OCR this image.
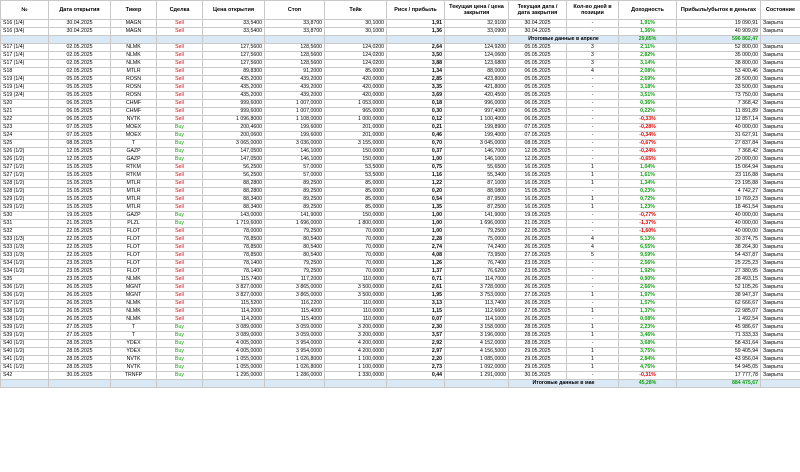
№	Дата открытия	Тикер	Сделка	Цена открытия	Стоп	Тейк	Риск / прибыль	Текущая цена / цена закрытия	Текущая дата / дата закрытия	Кол-во дней в позиции	Доходность	Прибыль/убыток в деньгах	Состояние
S16 (1/4)	30.04.2025	MAGN	Sell	33,5400	33,8700	30,1000	1,91	32,9100	30.04.2025	-	1,91%	19 090,91	Закрыта
S16 (3/4)	30.04.2025	MAGN	Sell	33,5400	33,8700	30,1000	1,36	33,0900	30.04.2025	-	1,36%	40 909,09	Закрыта
									Итоговые данные в апреле		29,85%	596 862,47	
S17 (1/4)	02.05.2025	NLMK	Sell	127,5600	128,5600	124,0200	2,64	124,9200	05.05.2025	3	2,11%	52 800,00	Закрыта
S17 (1/4)	02.05.2025	NLMK	Sell	127,5600	128,5600	124,0200	3,50	124,0600	05.05.2025	3	2,82%	35 000,00	Закрыта
S17 (1/4)	02.05.2025	NLMK	Sell	127,5600	128,5600	124,0200	3,88	123,6800	05.05.2025	3	3,14%	38 800,00	Закрыта
S18	02.05.2025	MTLR	Sell	89,8300	91,2000	85,0000	1,34	88,0000	06.05.2025	4	2,08%	53 400,46	Закрыта
S19 (1/4)	05.05.2025	ROSN	Sell	435,2000	439,2000	420,0000	2,85	423,8000	05.05.2025	-	2,69%	28 500,00	Закрыта
S19 (1/4)	05.05.2025	ROSN	Sell	435,2000	439,2000	420,0000	3,35	421,8000	05.05.2025	-	3,18%	33 500,00	Закрыта
S19 (2/4)	05.05.2025	ROSN	Sell	435,2000	439,2000	420,0000	3,69	420,4500	05.05.2025	-	3,51%	73 750,00	Закрыта
S20	06.05.2025	CHMF	Sell	999,6000	1 007,0000	1 053,0000	0,18	996,0000	06.05.2025	-	0,36%	7 368,42	Закрыта
S21	06.05.2025	CHMF	Sell	999,6000	1 007,0000	965,0000	0,30	997,4000	06.05.2025	-	0,22%	11 891,89	Закрыта
S22	06.05.2025	NVTK	Sell	1 096,8000	1 108,0000	1 000,0000	0,12	1 100,4000	06.05.2025	-	-0,33%	12 857,14	Закрыта
S23	07.05.2025	MOEX	Buy	200,4600	199,6000	201,0000	0,21	199,8900	07.05.2025	-	-0,28%	40 000,00	Закрыта
S24	07.05.2025	MOEX	Buy	200,0600	199,6000	201,0000	0,46	199,4000	07.05.2025	-	-0,34%	31 627,91	Закрыта
S25	08.05.2025	T	Buy	3 065,0000	3 036,0000	3 155,0000	0,70	3 045,0000	08.05.2025	-	-0,67%	27 837,84	Закрыта
S26 (1/2)	12.05.2025	GAZP	Buy	147,0500	146,1000	150,0000	0,37	146,7000	12.05.2025	-	-0,24%	7 368,42	Закрыта
S26 (1/2)	12.05.2025	GAZP	Buy	147,0500	146,1000	150,0000	1,00	146,1000	12.05.2025	-	-0,65%	20 000,00	Закрыта
S27 (1/2)	15.05.2025	RTKM	Sell	56,2500	57,0000	53,5000	0,75	55,6500	16.05.2025	1	1,04%	15 064,94	Закрыта
S27 (1/2)	15.05.2025	RTKM	Sell	56,2500	57,0000	53,5000	1,16	55,3400	16.05.2025	1	1,61%	23 116,88	Закрыта
S28 (1/2)	15.05.2025	MTLR	Sell	88,2800	89,2500	85,0000	1,22	87,1000	16.05.2025	1	1,34%	23 195,88	Закрыта
S28 (1/2)	15.05.2025	MTLR	Sell	88,2800	89,2500	85,0000	0,20	88,0800	15.05.2025	-	0,23%	4 742,27	Закрыта
S29 (1/2)	15.05.2025	MTLR	Sell	88,3400	89,2500	85,0000	0,54	87,9500	16.05.2025	1	0,72%	10 769,23	Закрыта
S29 (1/2)	15.05.2025	MTLR	Sell	88,3400	89,2500	85,0000	1,35	87,2500	16.05.2025	1	1,23%	18 461,54	Закрыта
S30	19.05.2025	GAZP	Buy	143,0000	141,9000	150,0000	1,00	141,9000	19.05.2025	-	-0,77%	40 000,00	Закрыта
S31	21.05.2025	PLZL	Buy	1 719,6000	1 696,0000	1 800,0000	1,00	1 696,0000	21.05.2025	-	-1,37%	40 000,00	Закрыта
S32	22.05.2025	FLOT	Sell	78,0000	79,2500	70,0000	1,00	79,2500	22.05.2025	-	-1,60%	40 000,00	Закрыта
S33 (1/3)	22.05.2025	FLOT	Sell	78,8500	80,5400	70,0000	2,28	75,0000	26.05.2025	4	5,13%	30 374,75	Закрыта
S33 (1/3)	22.05.2025	FLOT	Sell	78,8500	80,5400	70,0000	2,74	74,2400	26.05.2025	4	6,55%	38 264,30	Закрыта
S33 (1/3)	22.05.2025	FLOT	Sell	78,8500	80,5400	70,0000	4,08	73,9500	27.05.2025	5	9,59%	54 437,87	Закрыта
S34 (1/2)	23.05.2025	FLOT	Sell	78,1400	79,2500	70,0000	1,26	76,7400	23.05.2025	-	2,56%	25 225,23	Закрыта
S34 (1/2)	23.05.2025	FLOT	Sell	78,1400	79,2500	70,0000	1,37	76,6200	23.05.2025	-	1,92%	27 380,95	Закрыта
S35	23.05.2025	NLMK	Sell	115,7400	117,2000	110,0000	0,71	114,7000	26.05.2025	-	0,90%	28 493,15	Закрыта
S36 (1/2)	26.05.2025	MGNT	Sell	3 827,0000	3 865,0000	3 500,0000	2,61	3 728,0000	26.05.2025	-	2,66%	52 105,26	Закрыта
S36 (1/2)	26.05.2025	MGNT	Sell	3 827,0000	3 865,0000	3 500,0000	1,95	3 753,0000	27.05.2025	1	1,97%	38 947,37	Закрыта
S37 (1/2)	26.05.2025	NLMK	Sell	115,5200	116,2200	110,0000	3,13	113,7400	26.05.2025	-	1,57%	62 666,67	Закрыта
S38 (1/2)	26.05.2025	NLMK	Sell	114,2000	115,4000	110,0000	1,15	112,6600	27.05.2025	1	1,37%	22 985,07	Закрыта
S38 (1/2)	26.05.2025	NLMK	Sell	114,2000	115,4000	110,0000	0,07	114,1000	26.05.2025	-	0,08%	1 492,54	Закрыта
S39 (1/2)	27.05.2025	T	Buy	3 089,0000	3 059,0000	3 200,0000	2,30	3 158,0000	28.05.2025	1	2,23%	45 986,67	Закрыта
S39 (1/2)	27.05.2025	T	Buy	3 089,0000	3 059,0000	3 200,0000	3,57	3 196,0000	28.05.2025	1	3,46%	71 333,33	Закрыта
S40 (1/2)	28.05.2025	YDEX	Buy	4 005,0000	3 954,0000	4 200,0000	2,92	4 152,0000	28.05.2025	-	3,68%	58 431,64	Закрыта
S40 (1/2)	28.05.2025	YDEX	Buy	4 005,0000	3 954,0000	4 200,0000	2,97	4 156,5000	29.05.2025	1	3,75%	59 405,94	Закрыта
S41 (1/2)	28.05.2025	NVTK	Buy	1 055,0000	1 026,8000	1 100,0000	2,20	1 085,0000	29.05.2025	1	2,84%	43 956,04	Закрыта
S41 (1/2)	28.05.2025	NVTK	Buy	1 055,0000	1 026,8000	1 100,0000	2,73	1 092,0000	29.05.2025	1	4,76%	54 945,05	Закрыта
S42	30.05.2025	TRNFP	Buy	1 295,0000	1 286,0000	1 330,0000	0,44	1 291,0000	30.05.2025	-	-0,31%	17 777,78	Закрыта
									Итоговые данные в мае		45,28%	884 475,67	
